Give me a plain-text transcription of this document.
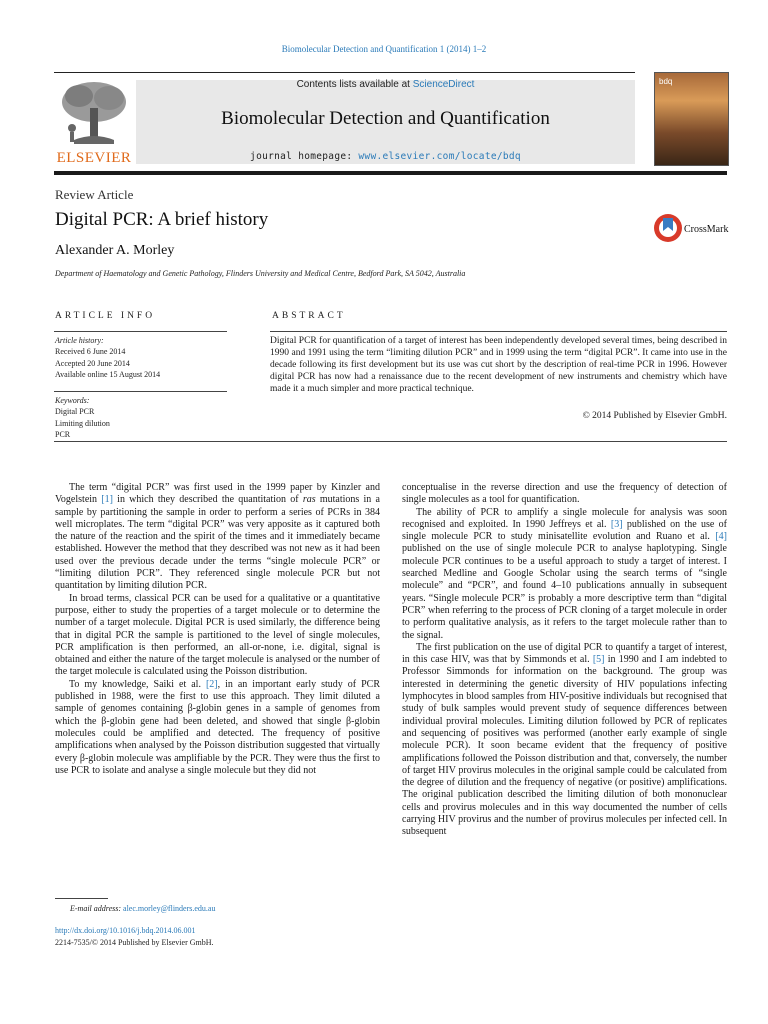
Biomolecular Detection and Quantification 1 (2014) 1–2
ELSEVIER
Contents lists available at ScienceDirect
Biomolecular Detection and Quantification
journal homepage: www.elsevier.com/locate/bdq
bdq
Review Article
Digital PCR: A brief history
Alexander A. Morley
Department of Haematology and Genetic Pathology, Flinders University and Medical Centre, Bedford Park, SA 5042, Australia
CrossMark
ARTICLE INFO	ABSTRACT
Article history:
Received 6 June 2014
Accepted 20 June 2014
Available online 15 August 2014
Keywords:
Digital PCR
Limiting dilution
PCR
Digital PCR for quantification of a target of interest has been independently developed several times, being described in 1990 and 1991 using the term “limiting dilution PCR” and in 1999 using the term “digital PCR”. It came into use in the decade following its first development but its use was cut short by the description of real-time PCR in 1996. However digital PCR has now had a renaissance due to the recent development of new instruments and chemistry which have made it a much simpler and more practical technique.
© 2014 Published by Elsevier GmbH.

The term “digital PCR” was first used in the 1999 paper by Kinzler and Vogelstein [1] in which they described the quantitation of ras mutations in a sample by partitioning the sample in order to perform a series of PCRs in 384 well microplates. The term “digital PCR” was very apposite as it captured both the nature of the reaction and the spirit of the times and it immediately became established. However the method that they described was not new as it had been used over the previous decade under the terms “single molecule PCR” or “limiting dilution PCR”. They referenced single molecule PCR but not quantitation by limiting dilution PCR.

In broad terms, classical PCR can be used for a qualitative or a quantitative purpose, either to study the properties of a target molecule or to determine the number of a target molecule. Digital PCR is used similarly, the difference being that in digital PCR the sample is partitioned to the level of single molecules, PCR amplification is then performed, an all-or-none, i.e. digital, signal is obtained and either the nature of the target molecule is analysed or the number of the target molecule is calculated using the Poisson distribution.

To my knowledge, Saiki et al. [2], in an important early study of PCR published in 1988, were the first to use this approach. They limit diluted a sample of genomes containing β-globin genes in a sample of genomes from which the β-globin gene had been deleted, and showed that single β-globin molecules could be amplified and detected. The frequency of positive amplifications when analysed by the Poisson distribution suggested that virtually every β-globin molecule was amplifiable by the PCR. They were thus the first to use PCR to isolate and analyse a single molecule but they did not

conceptualise in the reverse direction and use the frequency of detection of single molecules as a tool for quantification.

The ability of PCR to amplify a single molecule for analysis was soon recognised and exploited. In 1990 Jeffreys et al. [3] published on the use of single molecule PCR to study minisatellite evolution and Ruano et al. [4] published on the use of single molecule PCR to analyse haplotyping. Single molecule PCR continues to be a useful approach to study a target of interest. I searched Medline and Google Scholar using the search terms of “single molecule” and “PCR”, and found 4–10 publications annually in subsequent years. “Single molecule PCR” is probably a more descriptive term than “digital PCR” when referring to the process of PCR cloning of a target molecule in order to perform qualitative analysis, as it refers to the target molecule rather than to the signal.

The first publication on the use of digital PCR to quantify a target of interest, in this case HIV, was that by Simmonds et al. [5] in 1990 and I am indebted to Professor Simmonds for information on the background. The group was interested in determining the genetic diversity of HIV populations infecting lymphocytes in blood samples from HIV-positive individuals but recognised that study of bulk samples would prevent study of sequence differences between individual proviral molecules. Limiting dilution followed by PCR of replicates and sequencing of positives was performed (another early example of single molecule PCR). It soon became evident that the frequency of positive amplifications followed the Poisson distribution and that, conversely, the number of target HIV provirus molecules in the original sample could be calculated from the degree of dilution and the frequency of negative (or positive) amplifications. The original publication described the limiting dilution of both mononuclear cells and provirus molecules and in this way documented the number of cells carrying HIV provirus and the number of provirus molecules per infected cell. In subsequent

E-mail address: alec.morley@flinders.edu.au
http://dx.doi.org/10.1016/j.bdq.2014.06.001
2214-7535/© 2014 Published by Elsevier GmbH.
